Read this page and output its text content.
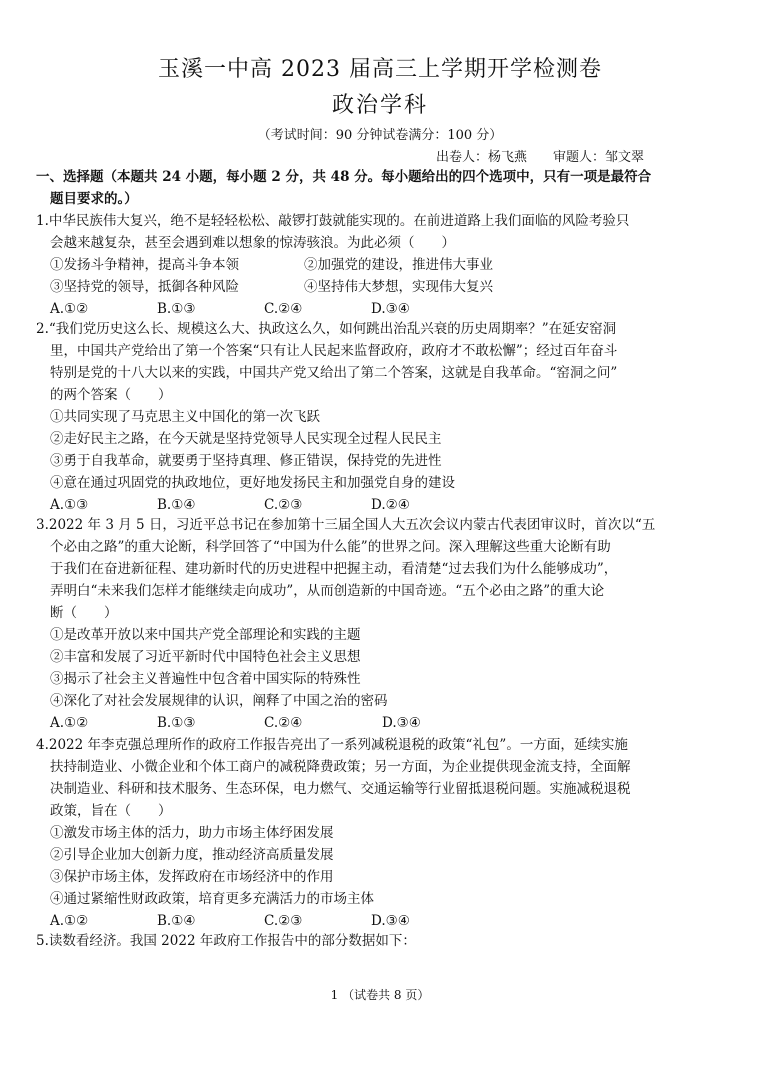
玉溪一中高 2023 届高三上学期开学检测卷
政治学科
（考试时间：90 分钟试卷满分：100 分）
出卷人：杨飞燕 审题人：邹文翠
一、选择题（本题共 24 小题，每小题 2 分，共 48 分。每小题给出的四个选项中，只有一项是最符合
题目要求的。）
1.中华民族伟大复兴，绝不是轻轻松松、敲锣打鼓就能实现的。在前进道路上我们面临的风险考验只
会越来越复杂，甚至会遇到难以想象的惊涛骇浪。为此必须（　　）
①发扬斗争精神，提高斗争本领	②加强党的建设，推进伟大事业
③坚持党的领导，抵御各种风险	④坚持伟大梦想，实现伟大复兴
A.①②	B.①③	C.②④	D.③④
2.“我们党历史这么长、规模这么大、执政这么久，如何跳出治乱兴衰的历史周期率？”在延安窑洞
里，中国共产党给出了第一个答案“只有让人民起来监督政府，政府才不敢松懈”；经过百年奋斗
特别是党的十八大以来的实践，中国共产党又给出了第二个答案，这就是自我革命。“窑洞之问”
的两个答案（　　）
①共同实现了马克思主义中国化的第一次飞跃
②走好民主之路，在今天就是坚持党领导人民实现全过程人民民主
③勇于自我革命，就要勇于坚持真理、修正错误，保持党的先进性
④意在通过巩固党的执政地位，更好地发扬民主和加强党自身的建设
A.①③	B.①④	C.②③	D.②④
3.2022 年 3 月 5 日，习近平总书记在参加第十三届全国人大五次会议内蒙古代表团审议时，首次以“五
个必由之路”的重大论断，科学回答了“中国为什么能”的世界之问。深入理解这些重大论断有助
于我们在奋进新征程、建功新时代的历史进程中把握主动，看清楚“过去我们为什么能够成功”，
弄明白“未来我们怎样才能继续走向成功”，从而创造新的中国奇迹。“五个必由之路”的重大论
断（　　）
①是改革开放以来中国共产党全部理论和实践的主题
②丰富和发展了习近平新时代中国特色社会主义思想
③揭示了社会主义普遍性中包含着中国实际的特殊性
④深化了对社会发展规律的认识，阐释了中国之治的密码
A.①②	B.①③	C.②④	D.③④
4.2022 年李克强总理所作的政府工作报告亮出了一系列减税退税的政策“礼包”。一方面，延续实施
扶持制造业、小微企业和个体工商户的减税降费政策；另一方面，为企业提供现金流支持，全面解
决制造业、科研和技术服务、生态环保，电力燃气、交通运输等行业留抵退税问题。实施减税退税
政策，旨在（　　）
①激发市场主体的活力，助力市场主体纾困发展
②引导企业加大创新力度，推动经济高质量发展
③保护市场主体，发挥政府在市场经济中的作用
④通过紧缩性财政政策，培育更多充满活力的市场主体
A.①②	B.①④	C.②③	D.③④
5.读数看经济。我国 2022 年政府工作报告中的部分数据如下：
1 （试卷共 8 页）
